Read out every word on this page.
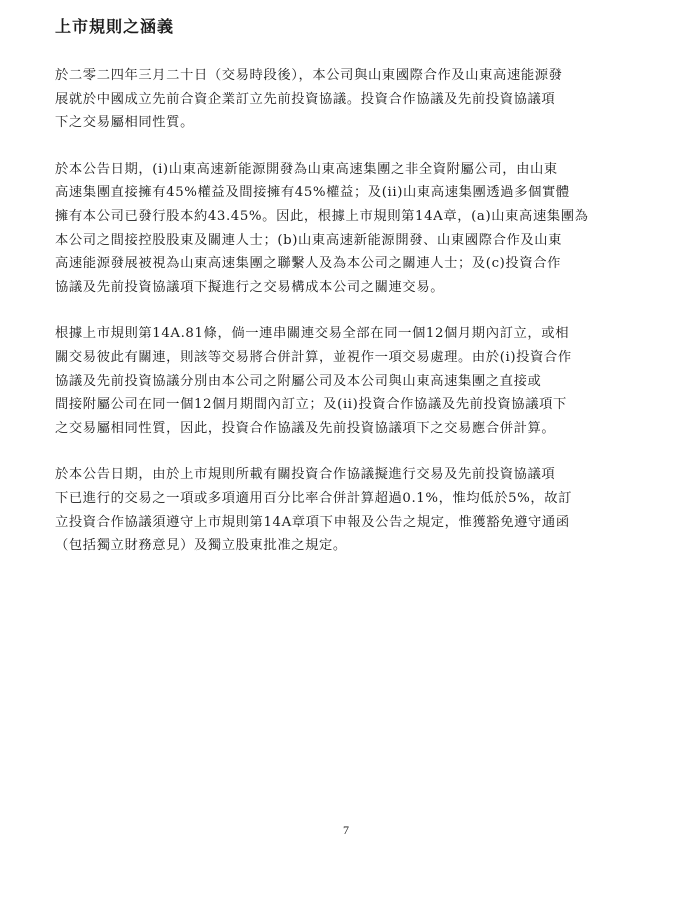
上市規則之涵義

於二零二四年三月二十日（交易時段後），本公司與山東國際合作及山東高速能源發
展就於中國成立先前合資企業訂立先前投資協議。投資合作協議及先前投資協議項
下之交易屬相同性質。

於本公告日期，(i)山東高速新能源開發為山東高速集團之非全資附屬公司，由山東
高速集團直接擁有45%權益及間接擁有45%權益；及(ii)山東高速集團透過多個實體
擁有本公司已發行股本約43.45%。因此，根據上市規則第14A章，(a)山東高速集團為
本公司之間接控股股東及關連人士；(b)山東高速新能源開發、山東國際合作及山東
高速能源發展被視為山東高速集團之聯繫人及為本公司之關連人士；及(c)投資合作
協議及先前投資協議項下擬進行之交易構成本公司之關連交易。

根據上市規則第14A.81條，倘一連串關連交易全部在同一個12個月期內訂立，或相
關交易彼此有關連，則該等交易將合併計算，並視作一項交易處理。由於(i)投資合作
協議及先前投資協議分別由本公司之附屬公司及本公司與山東高速集團之直接或
間接附屬公司在同一個12個月期間內訂立；及(ii)投資合作協議及先前投資協議項下
之交易屬相同性質，因此，投資合作協議及先前投資協議項下之交易應合併計算。

於本公告日期，由於上市規則所載有關投資合作協議擬進行交易及先前投資協議項
下已進行的交易之一項或多項適用百分比率合併計算超過0.1%，惟均低於5%，故訂
立投資合作協議須遵守上市規則第14A章項下申報及公告之規定，惟獲豁免遵守通函
（包括獨立財務意見）及獨立股東批准之規定。

7
